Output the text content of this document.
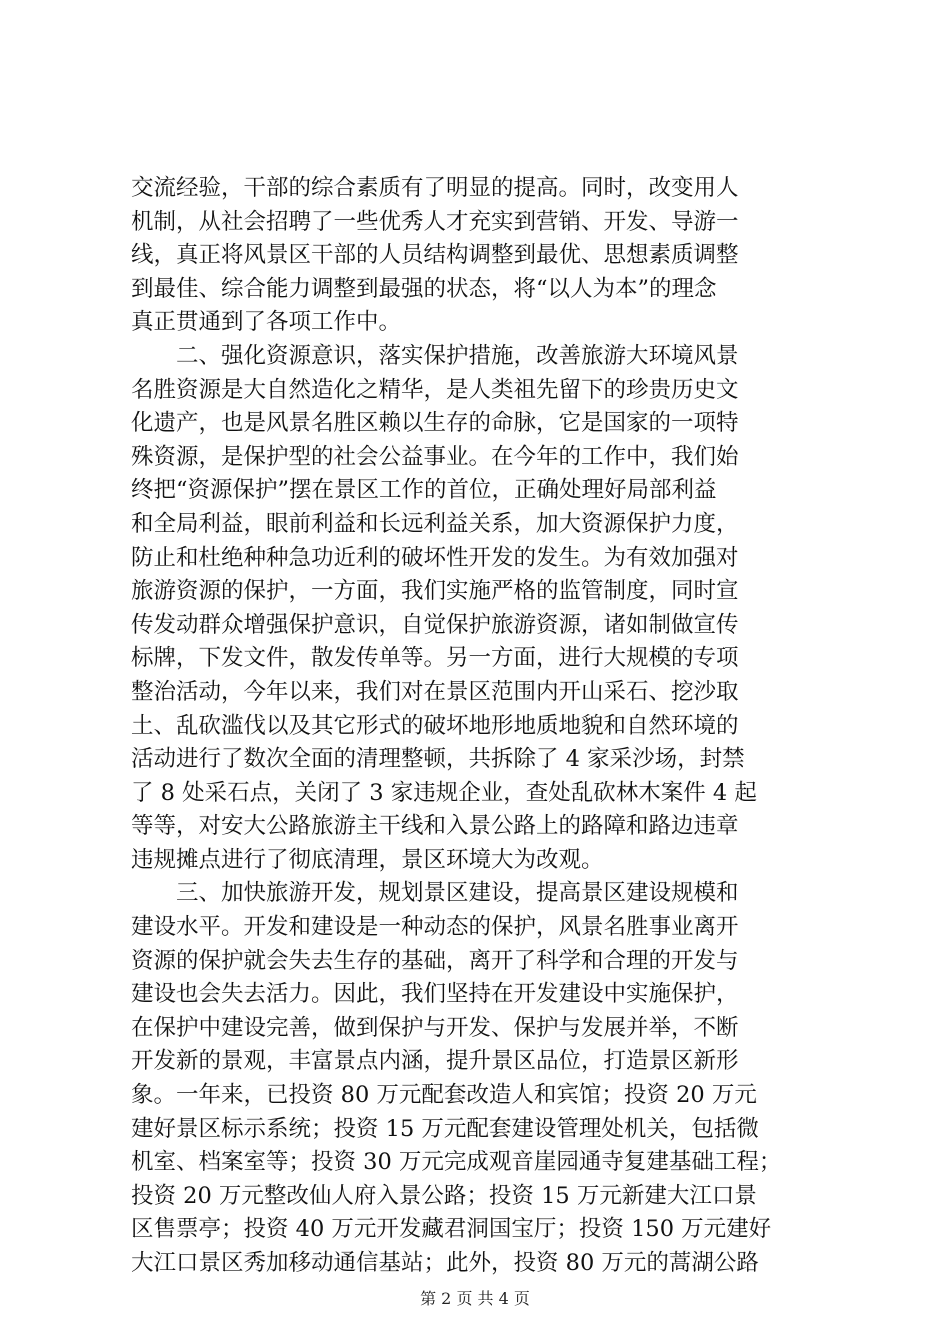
交流经验，干部的综合素质有了明显的提高。同时，改变用人
机制，从社会招聘了一些优秀人才充实到营销、开发、导游一
线，真正将风景区干部的人员结构调整到最优、思想素质调整
到最佳、综合能力调整到最强的状态，将“以人为本”的理念
真正贯通到了各项工作中。
二、强化资源意识，落实保护措施，改善旅游大环境风景
名胜资源是大自然造化之精华，是人类祖先留下的珍贵历史文
化遗产，也是风景名胜区赖以生存的命脉，它是国家的一项特
殊资源，是保护型的社会公益事业。在今年的工作中，我们始
终把“资源保护”摆在景区工作的首位，正确处理好局部利益
和全局利益，眼前利益和长远利益关系，加大资源保护力度，
防止和杜绝种种急功近利的破坏性开发的发生。为有效加强对
旅游资源的保护，一方面，我们实施严格的监管制度，同时宣
传发动群众增强保护意识，自觉保护旅游资源，诸如制做宣传
标牌，下发文件，散发传单等。另一方面，进行大规模的专项
整治活动，今年以来，我们对在景区范围内开山采石、挖沙取
土、乱砍滥伐以及其它形式的破坏地形地质地貌和自然环境的
活动进行了数次全面的清理整顿，共拆除了 4 家采沙场，封禁
了 8 处采石点，关闭了 3 家违规企业，查处乱砍林木案件 4 起
等等，对安大公路旅游主干线和入景公路上的路障和路边违章
违规摊点进行了彻底清理，景区环境大为改观。
三、加快旅游开发，规划景区建设，提高景区建设规模和
建设水平。开发和建设是一种动态的保护，风景名胜事业离开
资源的保护就会失去生存的基础，离开了科学和合理的开发与
建设也会失去活力。因此，我们坚持在开发建设中实施保护，
在保护中建设完善，做到保护与开发、保护与发展并举，不断
开发新的景观，丰富景点内涵，提升景区品位，打造景区新形
象。一年来，已投资 80 万元配套改造人和宾馆；投资 20 万元
建好景区标示系统；投资 15 万元配套建设管理处机关，包括微
机室、档案室等；投资 30 万元完成观音崖园通寺复建基础工程；
投资 20 万元整改仙人府入景公路；投资 15 万元新建大江口景
区售票亭；投资 40 万元开发藏君洞国宝厅；投资 150 万元建好
大江口景区秀加移动通信基站；此外，投资 80 万元的蒿湖公路
第 2 页 共 4 页
